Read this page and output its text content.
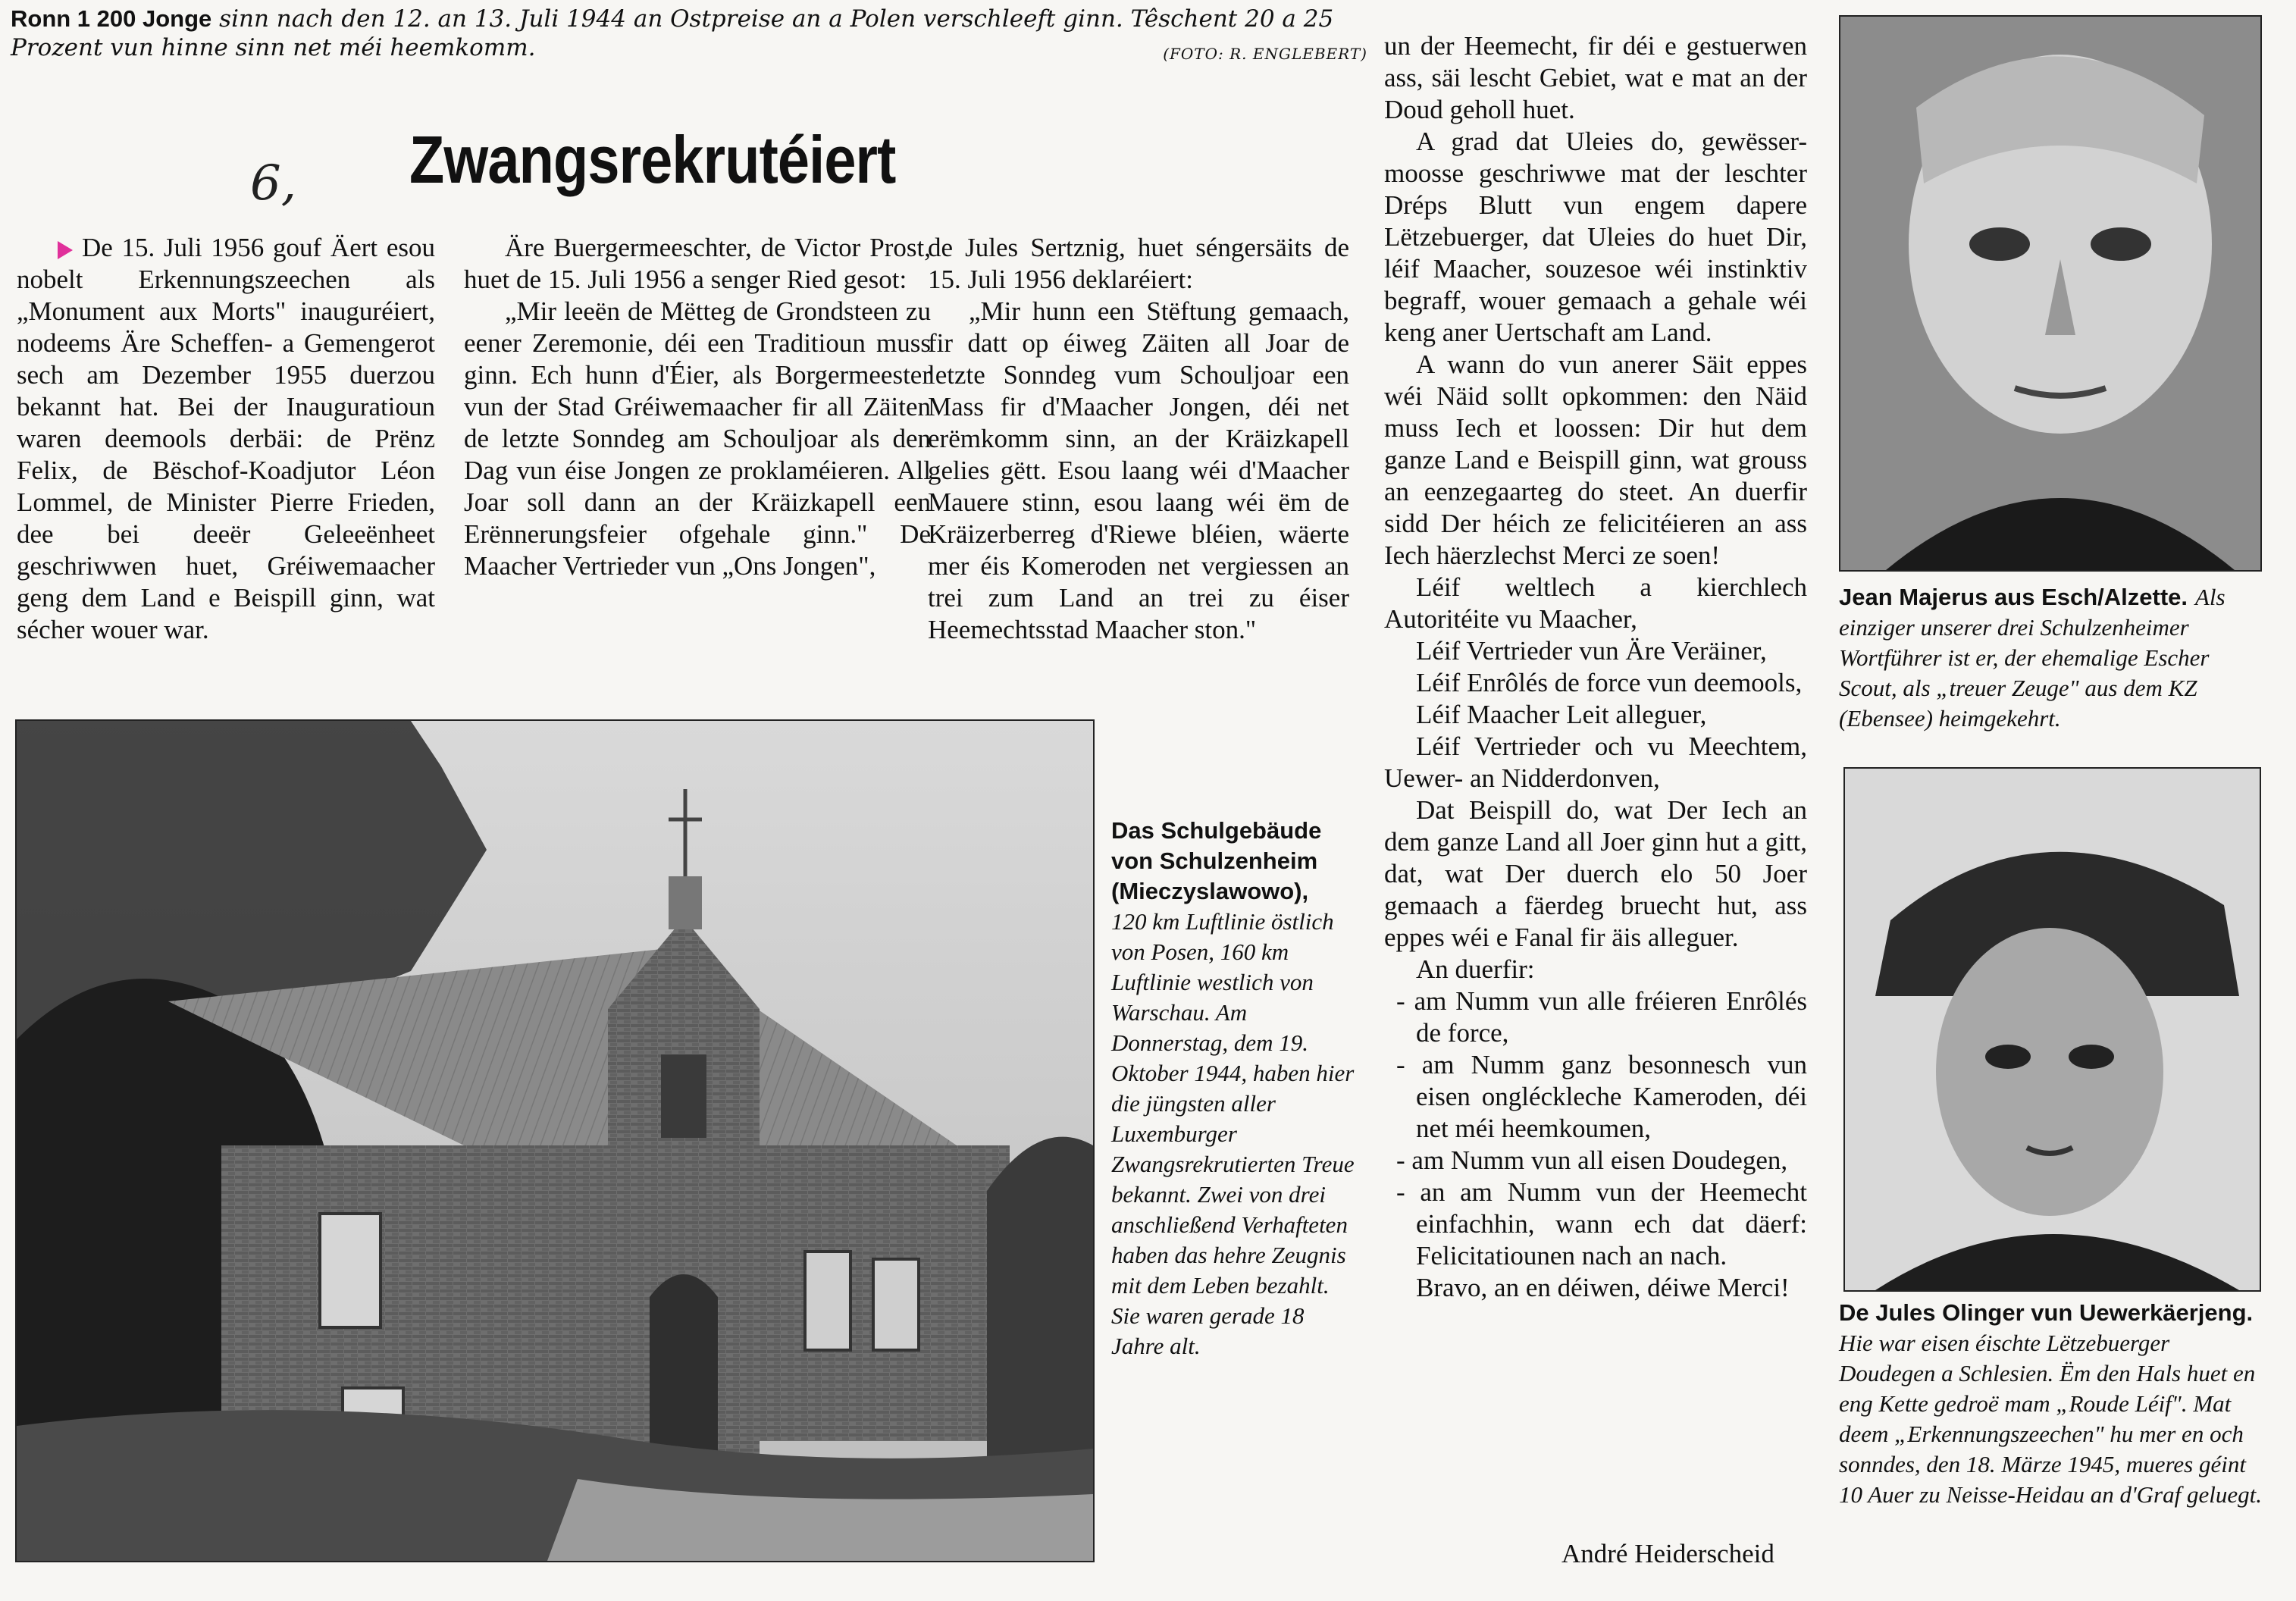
Ronn 1 200 Jonge sinn nach den 12. an 13. Juli 1944 an Ostpreise an a Polen verschleeft ginn. Têschent 20 a 25 Prozent vun hinne sinn net méi heemkomm.	(FOTO: R. ENGLEBERT)
6, Zwangsrekrutéiert

De 15. Juli 1956 gouf Äert esou nobelt Erkennungszeechen als „Monument aux Morts" inauguréiert, nodeems Äre Scheffen- a Gemengerot sech am Dezember 1955 duerzou bekannt hat. Bei der Inauguratioun waren deemools derbäi: de Prënz Felix, de Bëschof-Koadjutor Léon Lommel, de Minister Pierre Frieden, dee bei deeër Geleeënheet geschriwwen huet, Gréiwemaacher geng dem Land e Beispill ginn, wat sécher wouer war.

Äre Buergermeeschter, de Victor Prost, huet de 15. Juli 1956 a senger Ried gesot:

„Mir leeën de Mëtteg de Grondsteen zu eener Zeremonie, déi een Traditioun muss ginn. Ech hunn d'Éier, als Borgermeester vun der Stad Gréiwemaacher fir all Zäiten de letzte Sonndeg am Schouljoar als den Dag vun éise Jongen ze proklaméieren. All Joar soll dann an der Kräizkapell een Erënnerungsfeier ofgehale ginn." De Maacher Vertrieder vun „Ons Jongen",

de Jules Sertznig, huet séngersäits de 15. Juli 1956 deklaréiert:

„Mir hunn een Stëftung gemaach, fir datt op éiweg Zäiten all Joar de letzte Sonndeg vum Schouljoar een Mass fir d'Maacher Jongen, déi net erëmkomm sinn, an der Kräizkapell gelies gëtt. Esou laang wéi d'Maacher Mauere stinn, esou laang wéi ëm de Kräizerberreg d'Riewe bléien, wäerte mer éis Komeroden net vergiessen an trei zum Land an trei zu éiser Heemechtsstad Maacher ston."

un der Heemecht, fir déi e gestuerwen ass, säi lescht Gebiet, wat e mat an der Doud geholl huet.

A grad dat Uleies do, gewësser-moosse geschriwwe mat der leschter Dréps Blutt vun engem dapere Lëtzebuerger, dat Uleies do huet Dir, léif Maacher, souzesoe wéi instinktiv begraff, wouer gemaach a gehale wéi keng aner Uertschaft am Land.

A wann do vun anerer Säit eppes wéi Näid sollt opkommen: den Näid muss Iech et loossen: Dir hut dem ganze Land e Beispill ginn, wat grouss an eenzegaarteg do steet. An duerfir sidd Der héich ze felicitéieren an ass Iech häerzlechst Merci ze soen!

Léif weltlech a kierchlech Autoritéite vu Maacher,

Léif Vertrieder vun Äre Veräiner,

Léif Enrôlés de force vun deemools,

Léif Maacher Leit alleguer,

Léif Vertrieder och vu Meechtem, Uewer- an Nidderdonven,

Dat Beispill do, wat Der Iech an dem ganze Land all Joer ginn hut a gitt, dat, wat Der duerch elo 50 Joer gemaach a fäerdeg bruecht hut, ass eppes wéi e Fanal fir äis alleguer.

An duerfir:

- am Numm vun alle fréieren Enrôlés de force,

- am Numm ganz besonnesch vun eisen ongléckleche Kameroden, déi net méi heemkoumen,

- am Numm vun all eisen Doudegen,

- an am Numm vun der Heemecht einfachhin, wann ech dat däerf: Felicitatiounen nach an nach.

Bravo, an en déiwen, déiwe Merci!

André Heiderscheid
Das Schulgebäude von Schulzenheim (Mieczyslawowo),
120 km Luftlinie östlich von Posen, 160 km Luftlinie westlich von Warschau. Am Donnerstag, dem 19. Oktober 1944, haben hier die jüngsten aller Luxemburger Zwangsrekrutierten Treue bekannt. Zwei von drei anschließend Verhafteten haben das hehre Zeugnis mit dem Leben bezahlt. Sie waren gerade 18 Jahre alt.
Jean Majerus aus Esch/Alzette. Als einziger unserer drei Schulzenheimer Wortführer ist er, der ehemalige Escher Scout, als „treuer Zeuge" aus dem KZ (Ebensee) heimgekehrt.
De Jules Olinger vun Uewerkäerjeng.
Hie war eisen éischte Lëtzebuerger Doudegen a Schlesien. Ëm den Hals huet en eng Kette gedroë mam „Roude Léif". Mat deem „Erkennungszeechen" hu mer en och sonndes, den 18. Märze 1945, mueres géint 10 Auer zu Neisse-Heidau an d'Graf geluegt.
